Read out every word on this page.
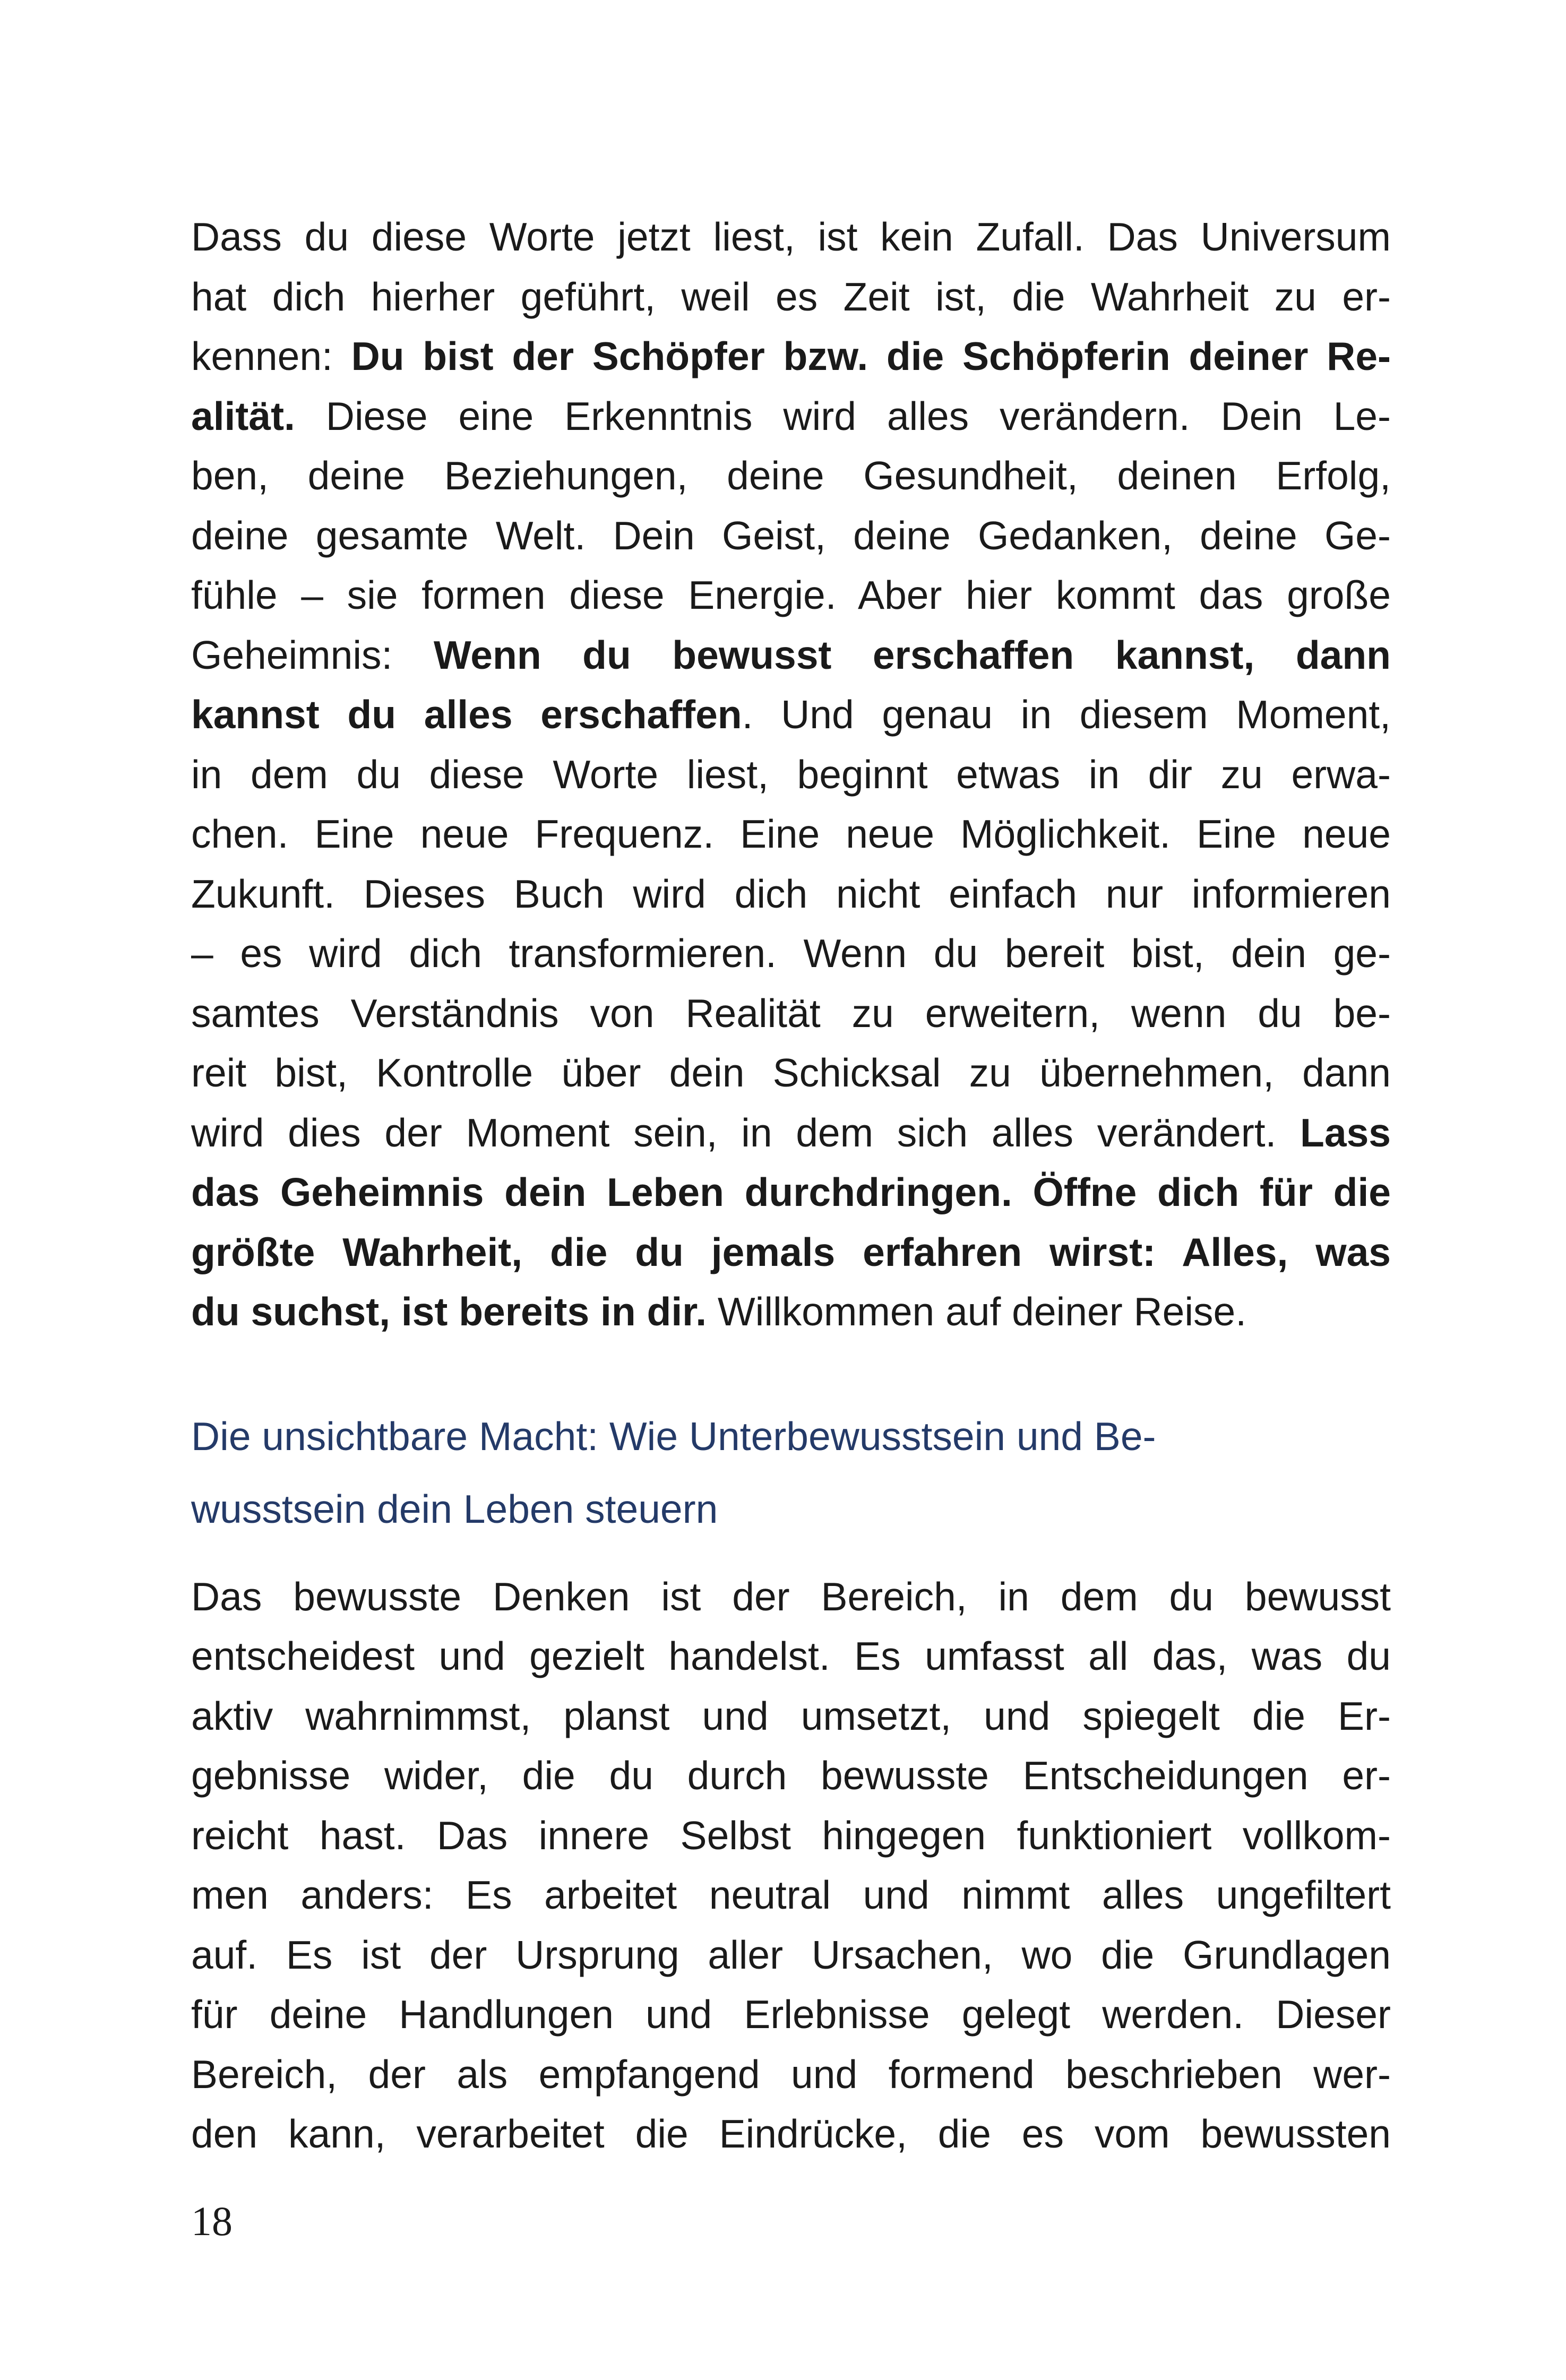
Dass du diese Worte jetzt liest, ist kein Zufall. Das Universum
hat dich hierher geführt, weil es Zeit ist, die Wahrheit zu er-
kennen: Du bist der Schöpfer bzw. die Schöpferin deiner Re-
alität. Diese eine Erkenntnis wird alles verändern. Dein Le-
ben, deine Beziehungen, deine Gesundheit, deinen Erfolg,
deine gesamte Welt. Dein Geist, deine Gedanken, deine Ge-
fühle – sie formen diese Energie. Aber hier kommt das große
Geheimnis: Wenn du bewusst erschaffen kannst, dann
kannst du alles erschaffen. Und genau in diesem Moment,
in dem du diese Worte liest, beginnt etwas in dir zu erwa-
chen. Eine neue Frequenz. Eine neue Möglichkeit. Eine neue
Zukunft. Dieses Buch wird dich nicht einfach nur informieren
– es wird dich transformieren. Wenn du bereit bist, dein ge-
samtes Verständnis von Realität zu erweitern, wenn du be-
reit bist, Kontrolle über dein Schicksal zu übernehmen, dann
wird dies der Moment sein, in dem sich alles verändert. Lass
das Geheimnis dein Leben durchdringen. Öffne dich für die
größte Wahrheit, die du jemals erfahren wirst: Alles, was
du suchst, ist bereits in dir. Willkommen auf deiner Reise.
Die unsichtbare Macht: Wie Unterbewusstsein und Be-
wusstsein dein Leben steuern
Das bewusste Denken ist der Bereich, in dem du bewusst
entscheidest und gezielt handelst. Es umfasst all das, was du
aktiv wahrnimmst, planst und umsetzt, und spiegelt die Er-
gebnisse wider, die du durch bewusste Entscheidungen er-
reicht hast. Das innere Selbst hingegen funktioniert vollkom-
men anders: Es arbeitet neutral und nimmt alles ungefiltert
auf. Es ist der Ursprung aller Ursachen, wo die Grundlagen
für deine Handlungen und Erlebnisse gelegt werden. Dieser
Bereich, der als empfangend und formend beschrieben wer-
den kann, verarbeitet die Eindrücke, die es vom bewussten
18
